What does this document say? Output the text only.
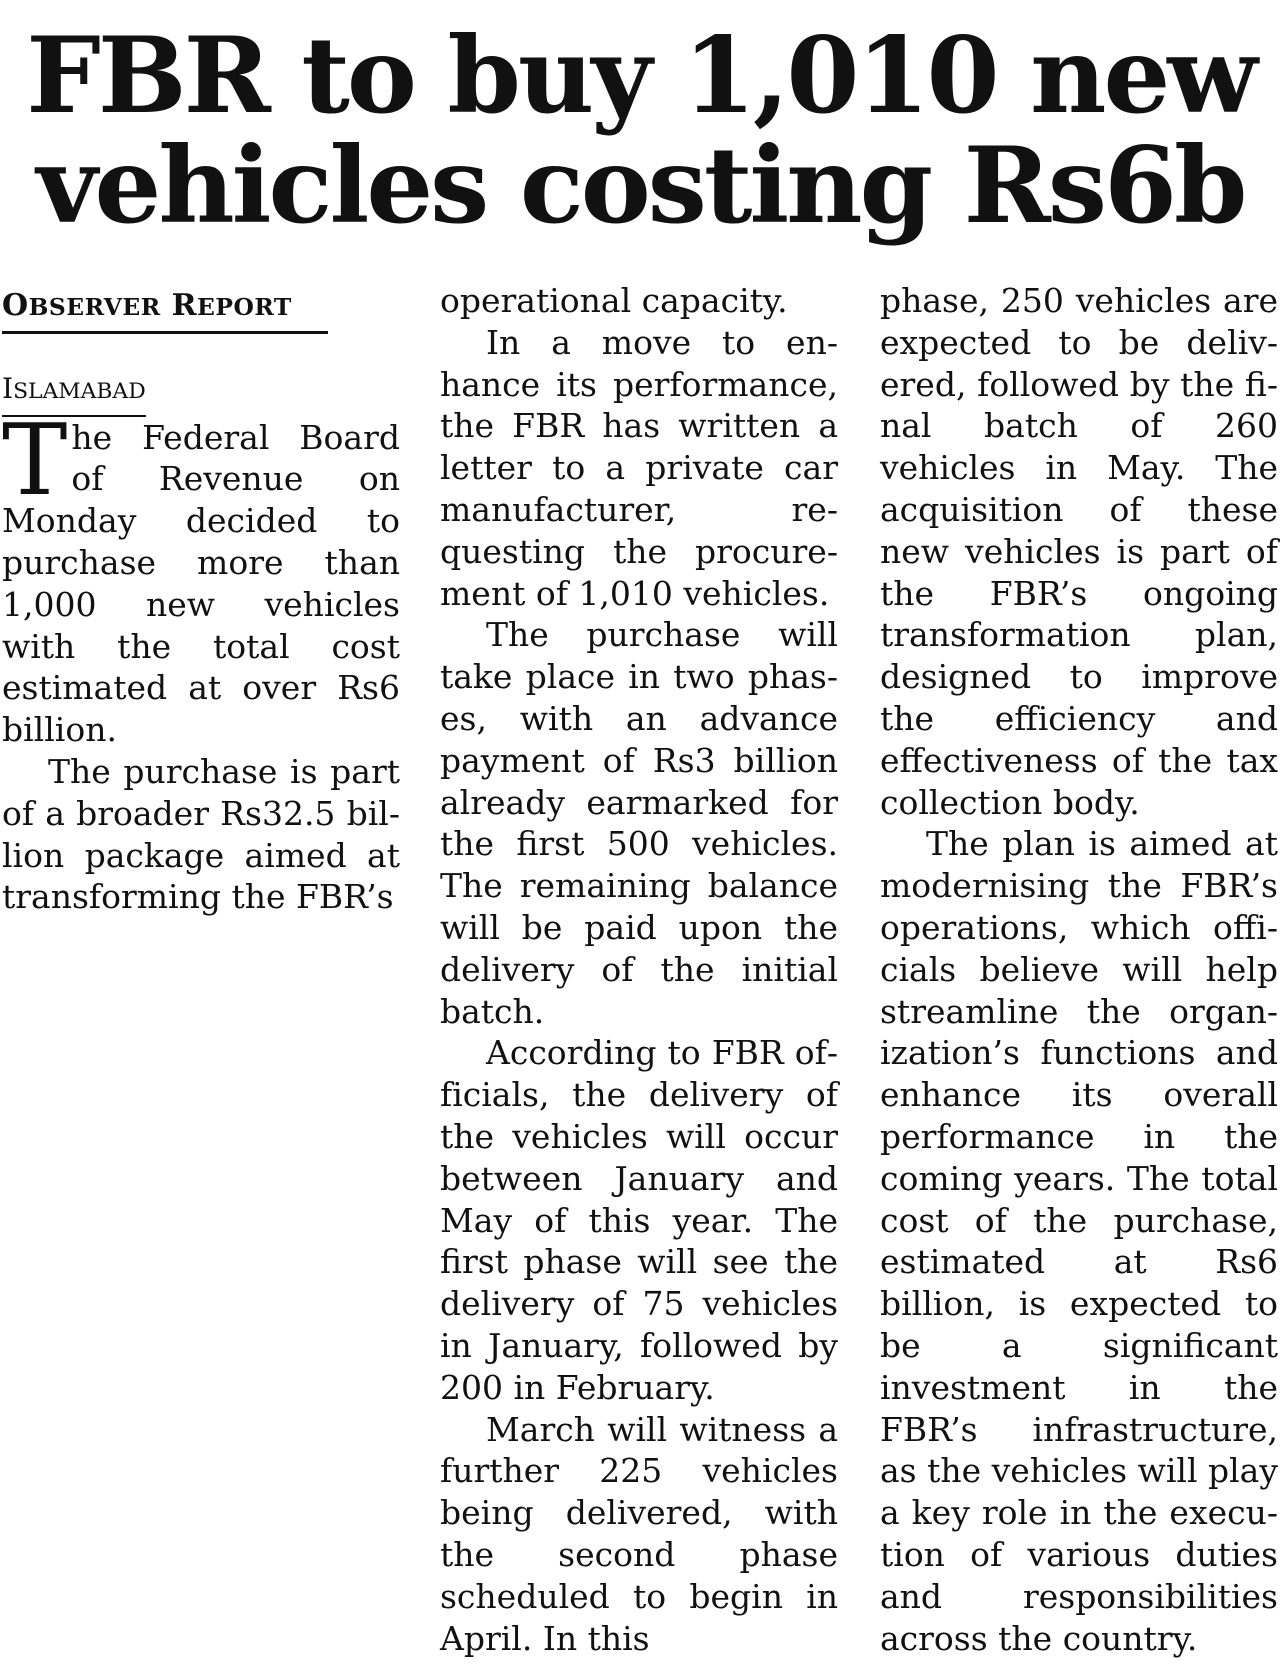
FBR to buy 1,010 new
vehicles costing Rs6b
OBSERVER REPORT
ISLAMABAD

The Federal Board of Revenue on Monday decided to purchase more than 1,000 new vehicles with the total cost estimated at over Rs6 billion.

The purchase is part of a broader Rs32.5 billion package aimed at transforming the FBR’s

operational capacity.

In a move to enhance its performance, the FBR has written a letter to a private car manufacturer, requesting the procurement of 1,010 vehicles.

The purchase will take place in two phases, with an advance payment of Rs3 billion already earmarked for the first 500 vehicles. The remaining balance will be paid upon the delivery of the initial batch.

According to FBR officials, the delivery of the vehicles will occur between January and May of this year. The first phase will see the delivery of 75 vehicles in January, followed by 200 in February.

March will witness a further 225 vehicles being delivered, with the second phase scheduled to begin in April. In this

phase, 250 vehicles are expected to be delivered, followed by the final batch of 260 vehicles in May. The acquisition of these new vehicles is part of the FBR’s ongoing transformation plan, designed to improve the efficiency and effectiveness of the tax collection body.

The plan is aimed at modernising the FBR’s operations, which officials believe will help streamline the organization’s functions and enhance its overall performance in the coming years. The total cost of the purchase, estimated at Rs6 billion, is expected to be a significant investment in the FBR’s infrastructure, as the vehicles will play a key role in the execution of various duties and responsibilities across the country.
